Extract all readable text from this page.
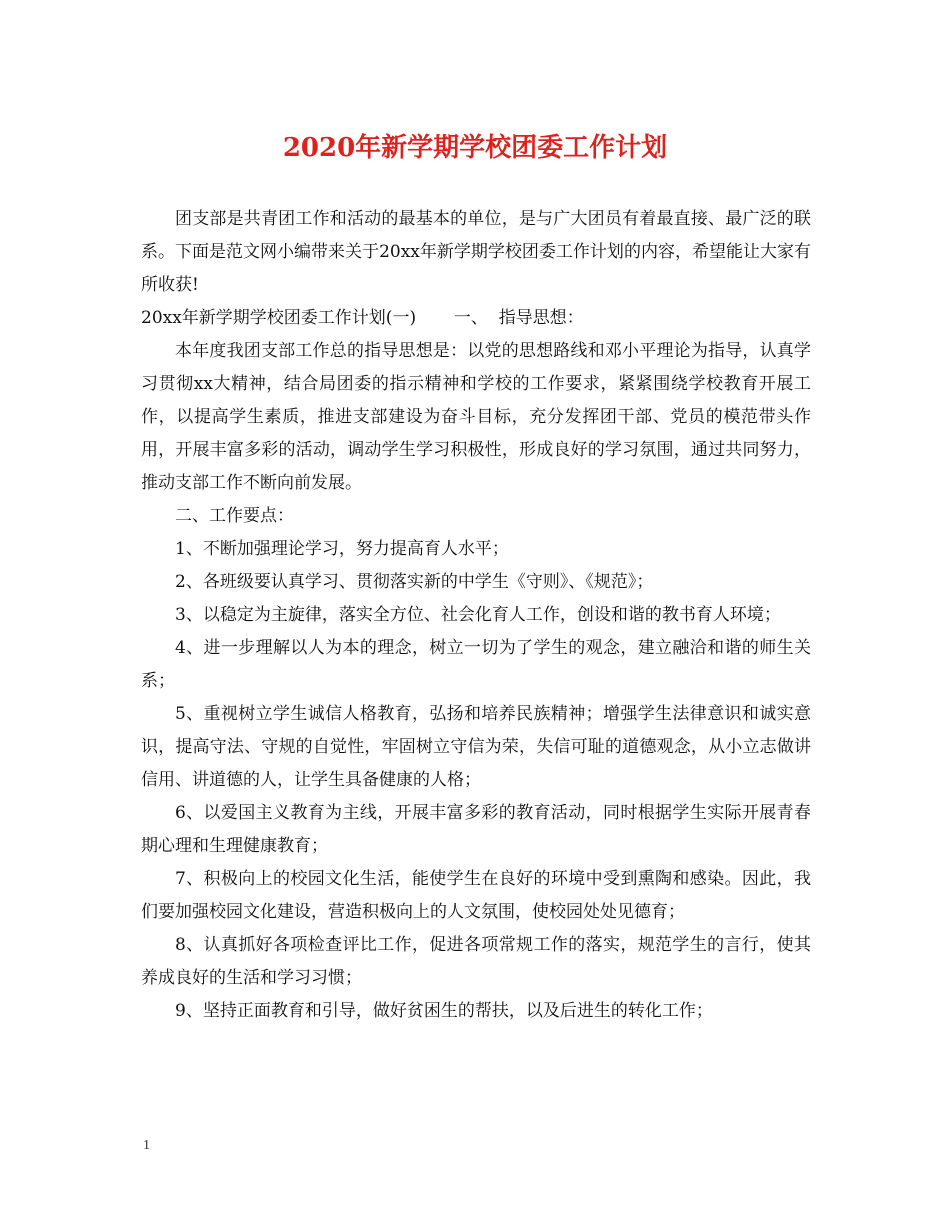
2020年新学期学校团委工作计划

团支部是共青团工作和活动的最基本的单位，是与广大团员有着最直接、最广泛的联系。下面是范文网小编带来关于20xx年新学期学校团委工作计划的内容，希望能让大家有所收获!

20xx年新学期学校团委工作计划(一)       一、  指导思想：

本年度我团支部工作总的指导思想是：以党的思想路线和邓小平理论为指导，认真学习贯彻xx大精神，结合局团委的指示精神和学校的工作要求，紧紧围绕学校教育开展工作，以提高学生素质，推进支部建设为奋斗目标，充分发挥团干部、党员的模范带头作用，开展丰富多彩的活动，调动学生学习积极性，形成良好的学习氛围，通过共同努力，推动支部工作不断向前发展。

二、工作要点：

1、不断加强理论学习，努力提高育人水平；

2、各班级要认真学习、贯彻落实新的中学生《守则》、《规范》；

3、以稳定为主旋律，落实全方位、社会化育人工作，创设和谐的教书育人环境；

4、进一步理解以人为本的理念，树立一切为了学生的观念，建立融洽和谐的师生关系；

5、重视树立学生诚信人格教育，弘扬和培养民族精神；增强学生法律意识和诚实意识，提高守法、守规的自觉性，牢固树立守信为荣，失信可耻的道德观念，从小立志做讲信用、讲道德的人，让学生具备健康的人格；

6、以爱国主义教育为主线，开展丰富多彩的教育活动，同时根据学生实际开展青春期心理和生理健康教育；

7、积极向上的校园文化生活，能使学生在良好的环境中受到熏陶和感染。因此，我们要加强校园文化建设，营造积极向上的人文氛围，使校园处处见德育；

8、认真抓好各项检查评比工作，促进各项常规工作的落实，规范学生的言行，使其养成良好的生活和学习习惯；

9、坚持正面教育和引导，做好贫困生的帮扶，以及后进生的转化工作；

1
